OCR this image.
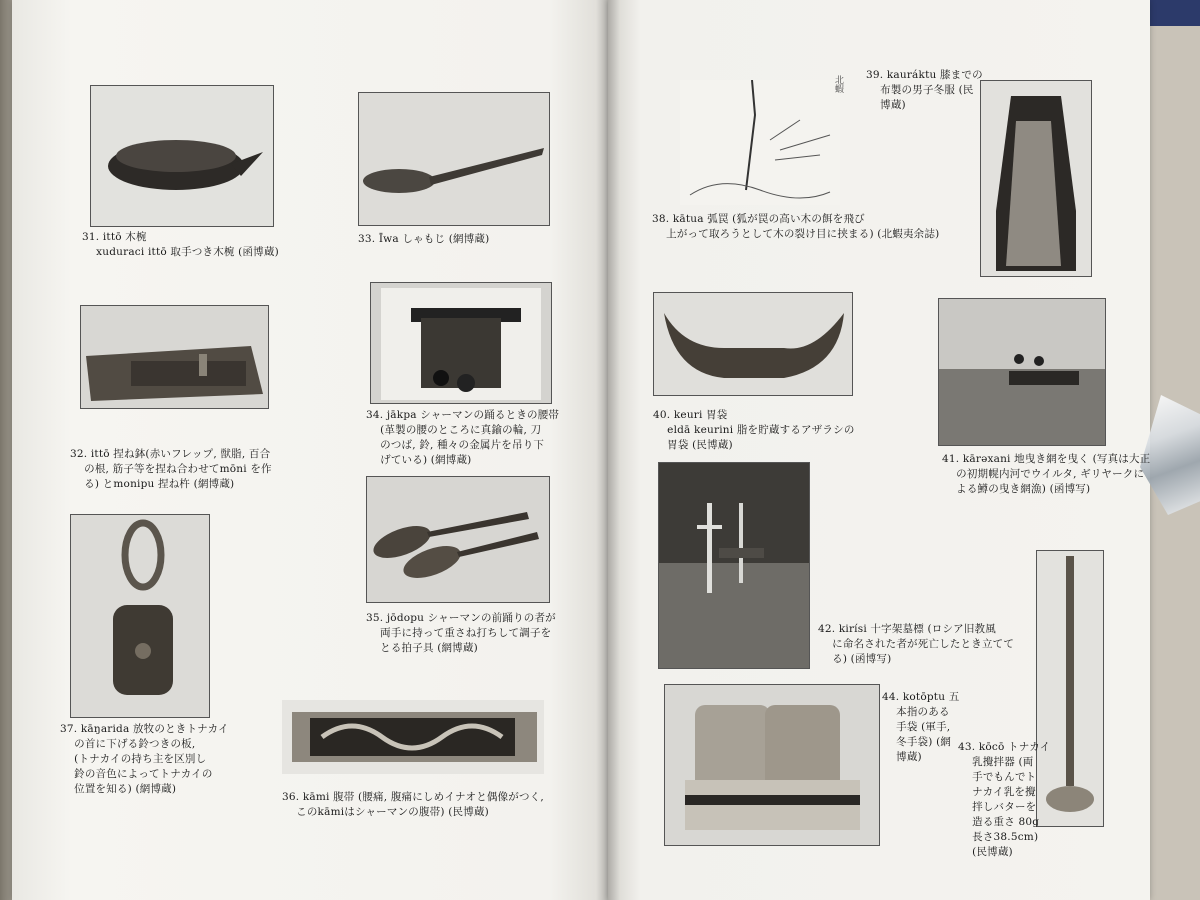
31. ittō 木椀
xuduraci ittō 取手つき木椀 (函博蔵)
33. Īwa しゃもじ (網博蔵)
32. ittō 捏ね鉢(赤いフレップ, 獣脂, 百合
の根, 筋子等を捏ね合わせてmōni を作
る) とmonipu 捏ね杵 (網博蔵)
34. jākpa シャーマンの踊るときの腰帯
(革製の腰のところに真鍮の輪, 刀
のつば, 鈴, 種々の金属片を吊り下
げている) (網博蔵)
35. jōdopu シャーマンの前踊りの者が
両手に持って重さね打ちして調子を
とる拍子具 (網博蔵)
37. kāŋarida 放牧のときトナカイ
の首に下げる鈴つきの板,
(トナカイの持ち主を区別し
鈴の音色によってトナカイの
位置を知る) (網博蔵)
36. kāmi 腹帯 (腰痛, 腹痛にしめイナオと偶像がつく,
このkāmiはシャーマンの腹帯) (民博蔵)
北蝦
38. kātua 弧罠 (狐が罠の高い木の餌を飛び
上がって取ろうとして木の裂け目に挟まる) (北蝦夷余誌)
39. kauráktu 膝までの
布製の男子冬服 (民
博蔵)
40. keuri 胃袋
eldā keurini 脂を貯蔵するアザラシの
胃袋 (民博蔵)
41. kārəxani 地曳き網を曳く (写真は大正
の初期幌内河でウイルタ, ギリヤークに
よる鱒の曳き網漁) (函博写)
42. kirísi 十字架墓標 (ロシア旧教風
に命名された者が死亡したとき立てて
る) (函博写)
44. kotōptu 五
本指のある
手袋 (軍手,
冬手袋) (網
博蔵)
43. kōcō トナカイ
乳攪拌器 (両
手でもんでト
ナカイ乳を攪
拌しバターを
造る重さ 80g
長さ38.5cm)
(民博蔵)
